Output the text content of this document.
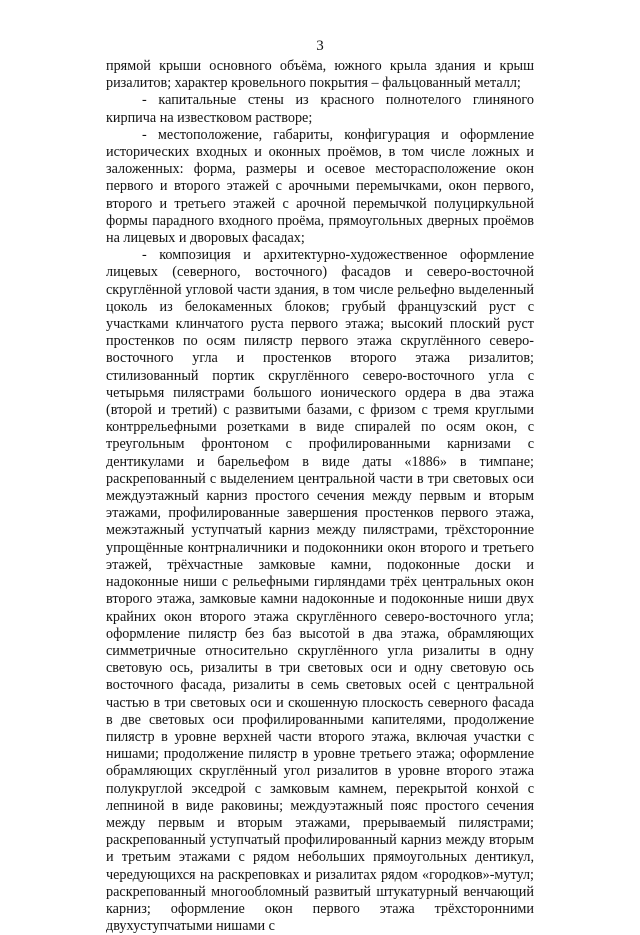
3

прямой крыши основного объёма, южного крыла здания и крыш ризалитов; характер кровельного покрытия – фальцованный металл;

- капитальные стены из красного полнотелого глиняного кирпича на известковом растворе;

- местоположение, габариты, конфигурация и оформление исторических входных и оконных проёмов, в том числе ложных и заложенных: форма, размеры и осевое месторасположение окон первого и второго этажей с арочными перемычками, окон первого, второго и третьего этажей с арочной перемычкой полуциркульной формы парадного входного проёма, прямоугольных дверных проёмов на лицевых и дворовых фасадах;

- композиция и архитектурно-художественное оформление лицевых (северного, восточного) фасадов и северо-восточной скруглённой угловой части здания, в том числе рельефно выделенный цоколь из белокаменных блоков; грубый французский руст с участками клинчатого руста первого этажа; высокий плоский руст простенков по осям пилястр первого этажа скруглённого северо-восточного угла и простенков второго этажа ризалитов; стилизованный портик скруглённого северо-восточного угла с четырьмя пилястрами большого ионического ордера в два этажа (второй и третий) с развитыми базами, с фризом с тремя круглыми контррельефными розетками в виде спиралей по осям окон, с треугольным фронтоном с профилированными карнизами с дентикулами и барельефом в виде даты «1886» в тимпане; раскрепованный с выделением центральной части в три световых оси междуэтажный карниз простого сечения между первым и вторым этажами, профилированные завершения простенков первого этажа, межэтажный уступчатый карниз между пилястрами, трёхсторонние упрощённые контрналичники и подоконники окон второго и третьего этажей, трёхчастные замковые камни, подоконные доски и надоконные ниши с рельефными гирляндами трёх центральных окон второго этажа, замковые камни надоконные и подоконные ниши двух крайних окон второго этажа скруглённого северо-восточного угла; оформление пилястр без баз высотой в два этажа, обрамляющих симметричные относительно скруглённого угла ризалиты в одну световую ось, ризалиты в три световых оси и одну световую ось восточного фасада, ризалиты в семь световых осей с центральной частью в три световых оси и скошенную плоскость северного фасада в две световых оси профилированными капителями, продолжение пилястр в уровне верхней части второго этажа, включая участки с нишами; продолжение пилястр в уровне третьего этажа; оформление обрамляющих скруглённый угол ризалитов в уровне второго этажа полукруглой экседрой с замковым камнем, перекрытой конхой с лепниной в виде раковины; междуэтажный пояс простого сечения между первым и вторым этажами, прерываемый пилястрами; раскрепованный уступчатый профилированный карниз между вторым и третьим этажами с рядом небольших прямоугольных дентикул, чередующихся на раскреповках и ризалитах рядом «городков»-мутул; раскрепованный многообломный развитый штукатурный венчающий карниз; оформление окон первого этажа трёхсторонними двухуступчатыми нишами с
